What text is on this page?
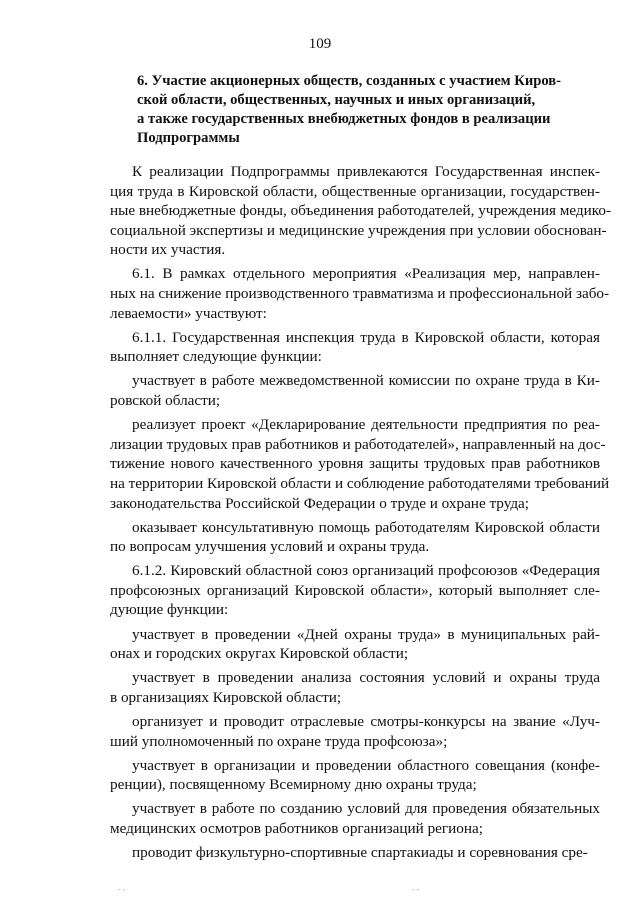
109
6. Участие акционерных обществ, созданных с участием Киров-
ской области, общественных, научных и иных организаций,
а также государственных внебюджетных фондов в реализации
Подпрограммы
К реализации Подпрограммы привлекаются Государственная инспек-
ция труда в Кировской области, общественные организации, государствен-
ные внебюджетные фонды, объединения работодателей, учреждения медико-
социальной экспертизы и медицинские учреждения при условии обоснован-
ности их участия.
6.1. В рамках отдельного мероприятия «Реализация мер, направлен-
ных на снижение производственного травматизма и профессиональной забо-
леваемости» участвуют:
6.1.1. Государственная инспекция труда в Кировской области, которая
выполняет следующие функции:
участвует в работе межведомственной комиссии по охране труда в Ки-
ровской области;
реализует проект «Декларирование деятельности предприятия по реа-
лизации трудовых прав работников и работодателей», направленный на дос-
тижение нового качественного уровня защиты трудовых прав работников
на территории Кировской области и соблюдение работодателями требований
законодательства Российской Федерации о труде и охране труда;
оказывает консультативную помощь работодателям Кировской области
по вопросам улучшения условий и охраны труда.
6.1.2. Кировский областной союз организаций профсоюзов «Федерация
профсоюзных организаций Кировской области», который выполняет сле-
дующие функции:
участвует в проведении «Дней охраны труда» в муниципальных рай-
онах и городских округах Кировской области;
участвует в проведении анализа состояния условий и охраны труда
в организациях Кировской области;
организует и проводит отраслевые смотры-конкурсы на звание «Луч-
ший уполномоченный по охране труда профсоюза»;
участвует в организации и проведении областного совещания (конфе-
ренции), посвященному Всемирному дню охраны труда;
участвует в работе по созданию условий для проведения обязательных
медицинских осмотров работников организаций региона;
проводит физкультурно-спортивные спартакиады и соревнования сре-
- -	- -
